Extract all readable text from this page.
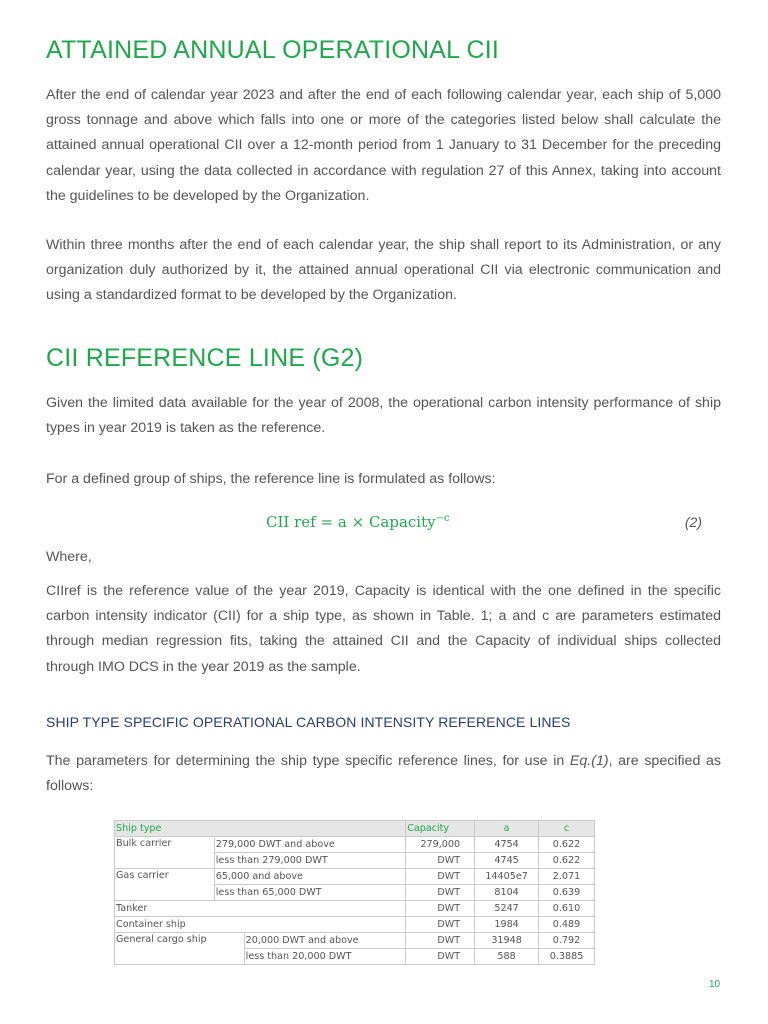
ATTAINED ANNUAL OPERATIONAL CII

After the end of calendar year 2023 and after the end of each following calendar year, each ship of 5,000 gross tonnage and above which falls into one or more of the categories listed below shall calculate the attained annual operational CII over a 12-month period from 1 January to 31 December for the preceding calendar year, using the data collected in accordance with regulation 27 of this Annex, taking into account the guidelines to be developed by the Organization.

Within three months after the end of each calendar year, the ship shall report to its Administration, or any organization duly authorized by it, the attained annual operational CII via electronic communication and using a standardized format to be developed by the Organization.

CII REFERENCE LINE (G2)

Given the limited data available for the year of 2008, the operational carbon intensity performance of ship types in year 2019 is taken as the reference.

For a defined group of ships, the reference line is formulated as follows:

CII ref = a × Capacity$^{-c}$	(2)

Where,

CIIref is the reference value of the year 2019, Capacity is identical with the one defined in the specific carbon intensity indicator (CII) for a ship type, as shown in Table. 1; a and c are parameters estimated through median regression fits, taking the attained CII and the Capacity of individual ships collected through IMO DCS in the year 2019 as the sample.

SHIP TYPE SPECIFIC OPERATIONAL CARBON INTENSITY REFERENCE LINES

The parameters for determining the ship type specific reference lines, for use in Eq.(1), are specified as follows:

Ship type			Capacity	a	c
Bulk carrier	279,000 DWT and above		279,000	4754	0.622
	less than 279,000 DWT		DWT	4745	0.622
Gas carrier	65,000 and above		DWT	14405e7	2.071
	less than 65,000 DWT		DWT	8104	0.639
Tanker			DWT	5247	0.610
Container ship			DWT	1984	0.489
General cargo ship		20,000 DWT and above	DWT	31948	0.792
		less than 20,000 DWT	DWT	588	0.3885
10
